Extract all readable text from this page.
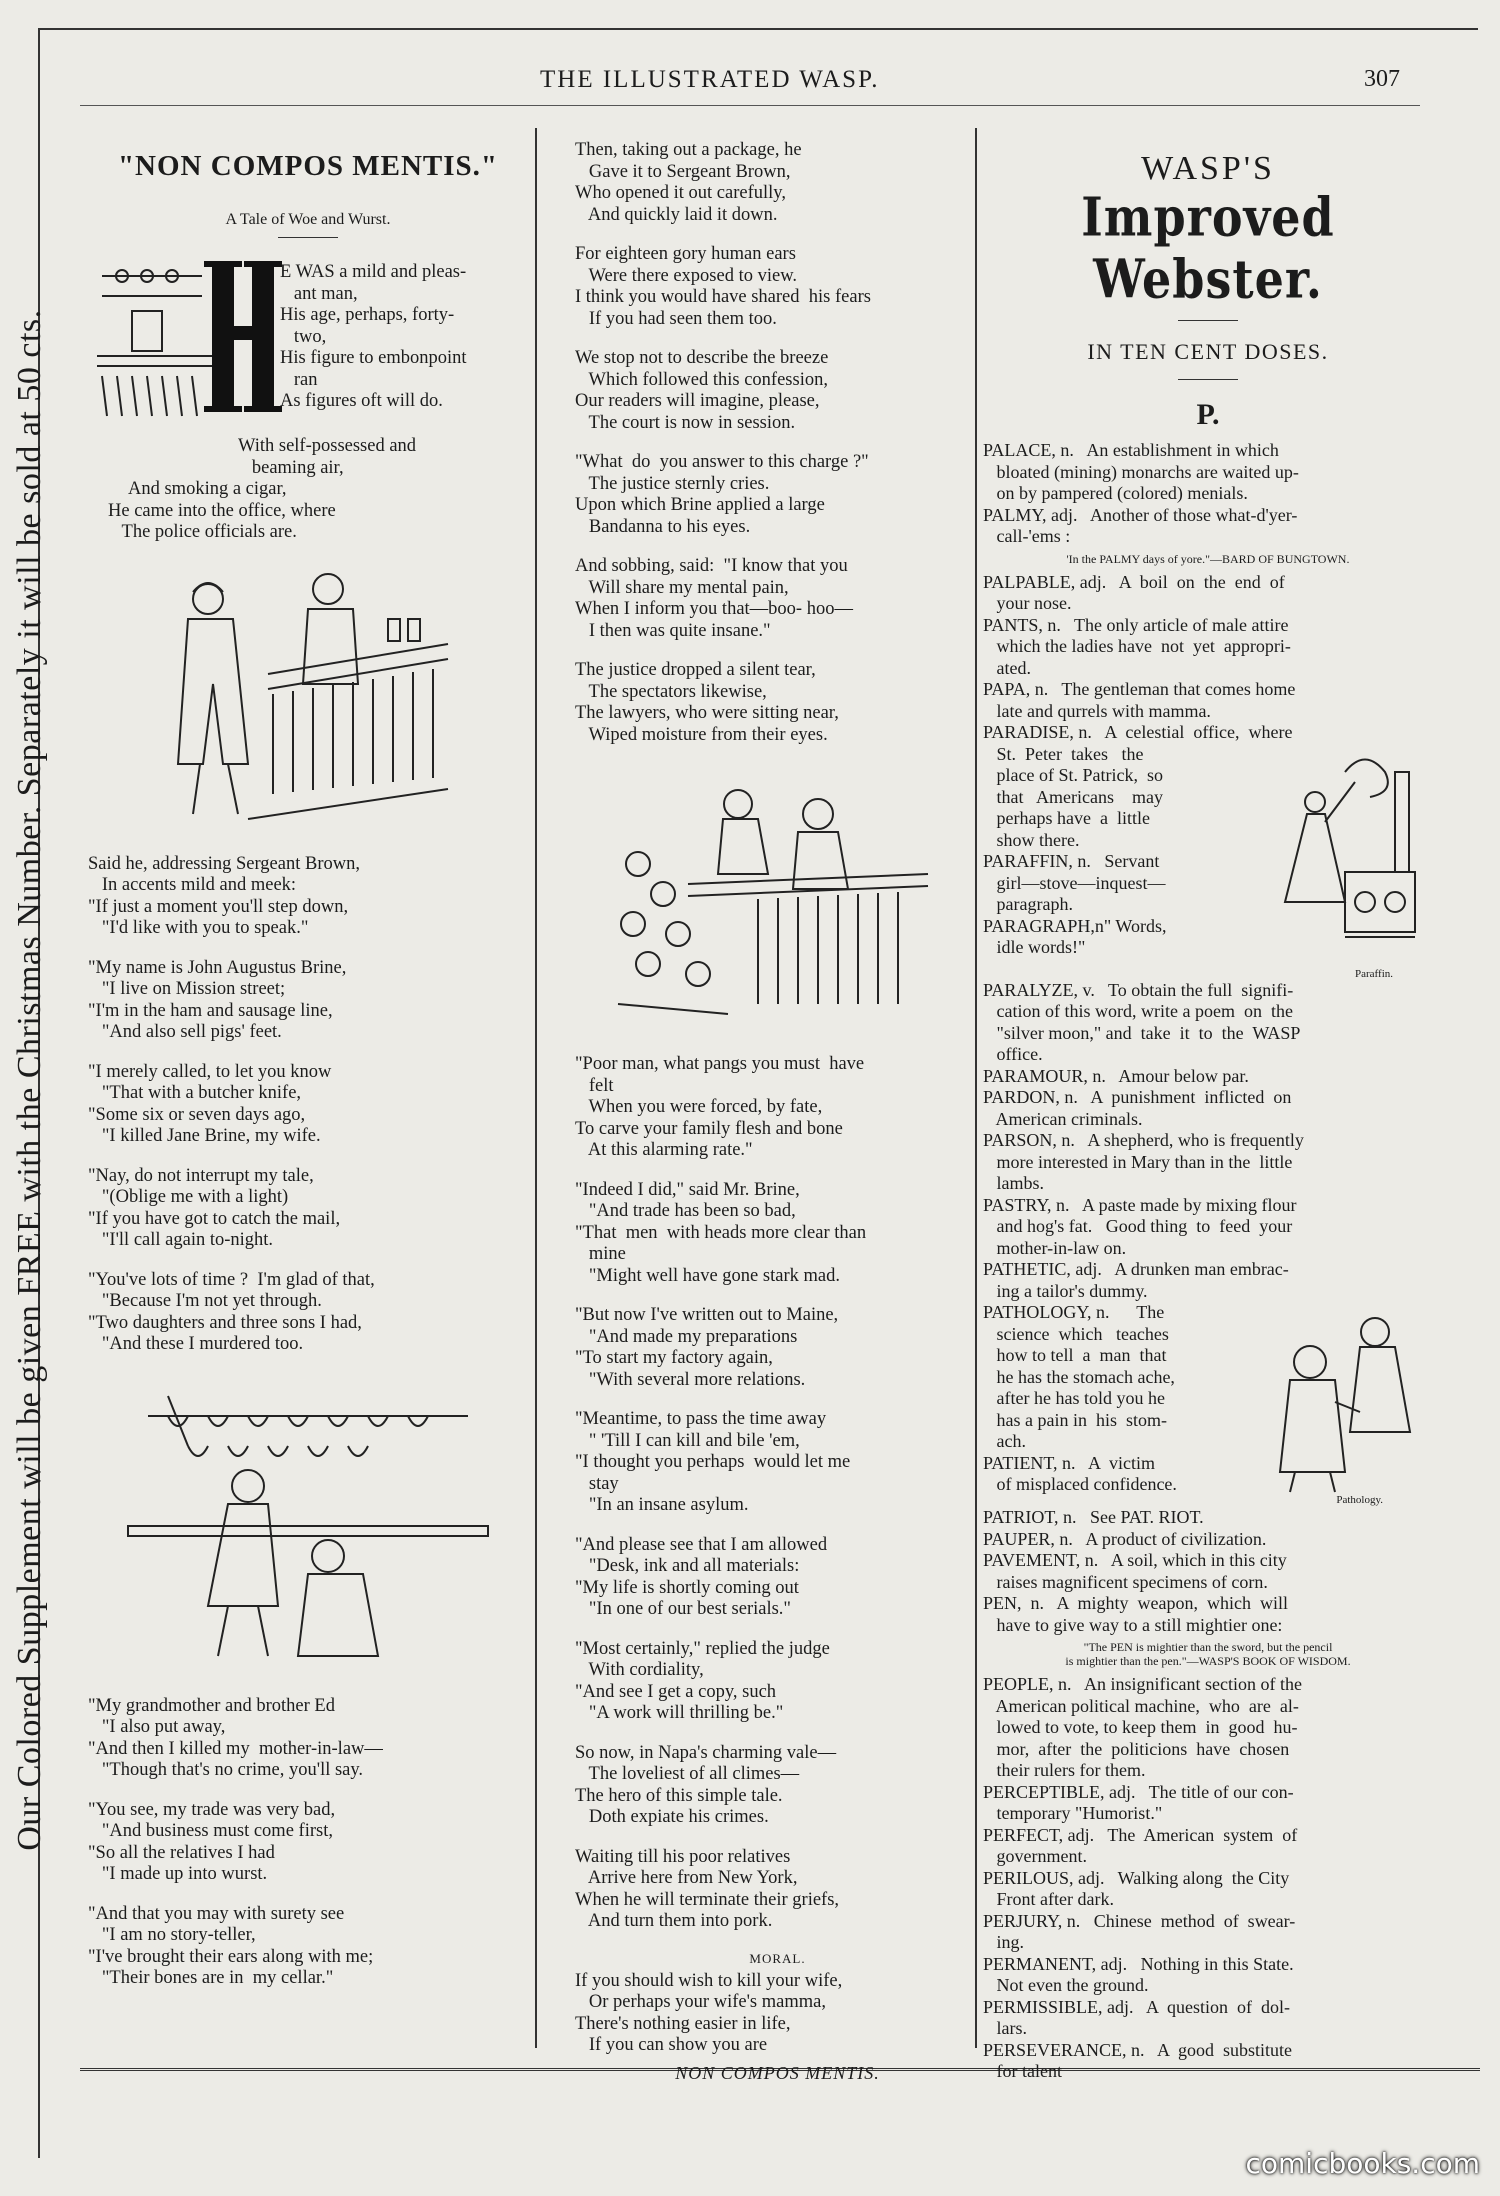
Our Colored Supplement will be given FREE with the Christmas Number. Separately it will be sold at 50 cts.
THE ILLUSTRATED WASP.	307
"NON COMPOS MENTIS."
A Tale of Woe and Wurst.
E WAS a mild and pleas-
ant man,
His age, perhaps, forty-
two,
His figure to embonpoint
ran
As figures oft will do.
With self-possessed and
beaming air,
And smoking a cigar,
He came into the office, where
The police officials are.
Said he, addressing Sergeant Brown,
In accents mild and meek:
"If just a moment you'll step down,
"I'd like with you to speak."
"My name is John Augustus Brine,
"I live on Mission street;
"I'm in the ham and sausage line,
"And also sell pigs' feet.
"I merely called, to let you know
"That with a butcher knife,
"Some six or seven days ago,
"I killed Jane Brine, my wife.
"Nay, do not interrupt my tale,
"(Oblige me with a light)
"If you have got to catch the mail,
"I'll call again to-night.
"You've lots of time ?  I'm glad of that,
"Because I'm not yet through.
"Two daughters and three sons I had,
"And these I murdered too.
"My grandmother and brother Ed
"I also put away,
"And then I killed my  mother-in-law—
"Though that's no crime, you'll say.
"You see, my trade was very bad,
"And business must come first,
"So all the relatives I had
"I made up into wurst.
"And that you may with surety see
"I am no story-teller,
"I've brought their ears along with me;
"Their bones are in  my cellar."
Then, taking out a package, he
Gave it to Sergeant Brown,
Who opened it out carefully,
And quickly laid it down.
For eighteen gory human ears
Were there exposed to view.
I think you would have shared  his fears
If you had seen them too.
We stop not to describe the breeze
Which followed this confession,
Our readers will imagine, please,
The court is now in session.
"What  do  you answer to this charge ?"
The justice sternly cries.
Upon which Brine applied a large
Bandanna to his eyes.
And sobbing, said:  "I know that you
Will share my mental pain,
When I inform you that—boo- hoo—
I then was quite insane."
The justice dropped a silent tear,
The spectators likewise,
The lawyers, who were sitting near,
Wiped moisture from their eyes.
"Poor man, what pangs you must  have
felt
When you were forced, by fate,
To carve your family flesh and bone
At this alarming rate."
"Indeed I did," said Mr. Brine,
"And trade has been so bad,
"That  men  with heads more clear than
mine
"Might well have gone stark mad.
"But now I've written out to Maine,
"And made my preparations
"To start my factory again,
"With several more relations.
"Meantime, to pass the time away
" 'Till I can kill and bile 'em,
"I thought you perhaps  would let me
stay
"In an insane asylum.
"And please see that I am allowed
"Desk, ink and all materials:
"My life is shortly coming out
"In one of our best serials."
"Most certainly," replied the judge
With cordiality,
"And see I get a copy, such
"A work will thrilling be."
So now, in Napa's charming vale—
The loveliest of all climes—
The hero of this simple tale.
Doth expiate his crimes.
Waiting till his poor relatives
Arrive here from New York,
When he will terminate their griefs,
And turn them into pork.
MORAL.
If you should wish to kill your wife,
Or perhaps your wife's mamma,
There's nothing easier in life,
If you can show you are
NON COMPOS MENTIS.
WASP'S
Improved Webster.
IN TEN CENT DOSES.
P.
PALACE, n.   An establishment in which
bloated (mining) monarchs are waited up-
on by pampered (colored) menials.
PALMY, adj.   Another of those what-d'yer-
call-'ems :
'In the PALMY days of yore."—BARD OF BUNGTOWN.
PALPABLE, adj.   A  boil  on  the  end  of
your nose.
PANTS, n.   The only article of male attire
which the ladies have  not  yet  appropri-
ated.
PAPA, n.   The gentleman that comes home
late and qurrels with mamma.
PARADISE, n.   A  celestial  office,  where
Paraffin.
St.  Peter  takes   the
place of St. Patrick,  so
that   Americans    may
perhaps have  a  little
show there.
PARAFFIN, n.   Servant
girl—stove—inquest—
paragraph.
PARAGRAPH,n" Words,
idle words!"
PARALYZE, v.   To obtain the full  signifi-
cation of this word, write a poem  on  the
"silver moon," and  take  it  to  the  WASP
office.
PARAMOUR, n.   Amour below par.
PARDON, n.   A  punishment  inflicted  on
American criminals.
PARSON, n.   A shepherd, who is frequently
more interested in Mary than in the  little
lambs.
PASTRY, n.   A paste made by mixing flour
and hog's fat.   Good thing  to  feed  your
mother-in-law on.
PATHETIC, adj.   A drunken man embrac-
ing a tailor's dummy.
Pathology.
PATHOLOGY, n.      The
science  which   teaches
how to tell  a  man  that
he has the stomach ache,
after he has told you he
has a pain in  his  stom-
ach.
PATIENT, n.   A  victim
of misplaced confidence.
PATRIOT, n.   See PAT. RIOT.
PAUPER, n.   A product of civilization.
PAVEMENT, n.   A soil, which in this city
raises magnificent specimens of corn.
PEN,  n.   A  mighty  weapon,  which  will
have to give way to a still mightier one:
"The PEN is mightier than the sword, but the pencil
is mightier than the pen."—WASP'S BOOK OF WISDOM.
PEOPLE, n.   An insignificant section of the
American political machine,  who  are  al-
lowed to vote, to keep them  in  good  hu-
mor,  after  the  politicions  have  chosen
their rulers for them.
PERCEPTIBLE, adj.   The title of our con-
temporary "Humorist."
PERFECT, adj.   The  American  system  of
government.
PERILOUS, adj.   Walking along  the City
Front after dark.
PERJURY, n.   Chinese  method  of  swear-
ing.
PERMANENT, adj.   Nothing in this State.
Not even the ground.
PERMISSIBLE, adj.   A  question  of  dol-
lars.
PERSEVERANCE, n.   A  good  substitute
for talent
comicbooks.com
